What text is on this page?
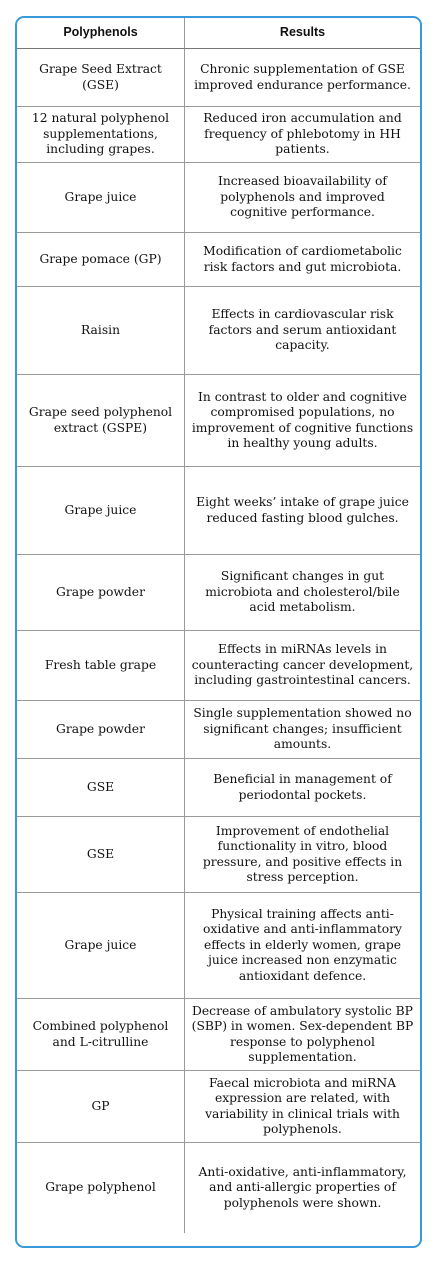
Polyphenols	Results
Grape Seed Extract (GSE)
Chronic supplementation of GSE improved endurance performance.
12 natural polyphenol supplementations, including grapes.
Reduced iron accumulation and frequency of phlebotomy in HH patients.
Grape juice
Increased bioavailability of polyphenols and improved cognitive performance.
Grape pomace (GP)
Modification of cardiometabolic risk factors and gut microbiota.
Raisin
Effects in cardiovascular risk factors and serum antioxidant capacity.
Grape seed polyphenol extract (GSPE)
In contrast to older and cognitive compromised populations, no improvement of cognitive functions in healthy young adults.
Grape juice
Eight weeks’ intake of grape juice reduced fasting blood gulches.
Grape powder
Significant changes in gut microbiota and cholesterol/bile acid metabolism.
Fresh table grape
Effects in miRNAs levels in counteracting cancer development, including gastrointestinal cancers.
Grape powder
Single supplementation showed no significant changes; insufficient amounts.
GSE
Beneficial in management of periodontal pockets.
GSE
Improvement of endothelial functionality in vitro, blood pressure, and positive effects in stress perception.
Grape juice
Physical training affects anti-oxidative and anti-inflammatory effects in elderly women, grape juice increased non enzymatic antioxidant defence.
Combined polyphenol and L-citrulline
Decrease of ambulatory systolic BP (SBP) in women. Sex-dependent BP response to polyphenol supplementation.
GP
Faecal microbiota and miRNA expression are related, with variability in clinical trials with polyphenols.
Grape polyphenol
Anti-oxidative, anti-inflammatory, and anti-allergic properties of polyphenols were shown.
